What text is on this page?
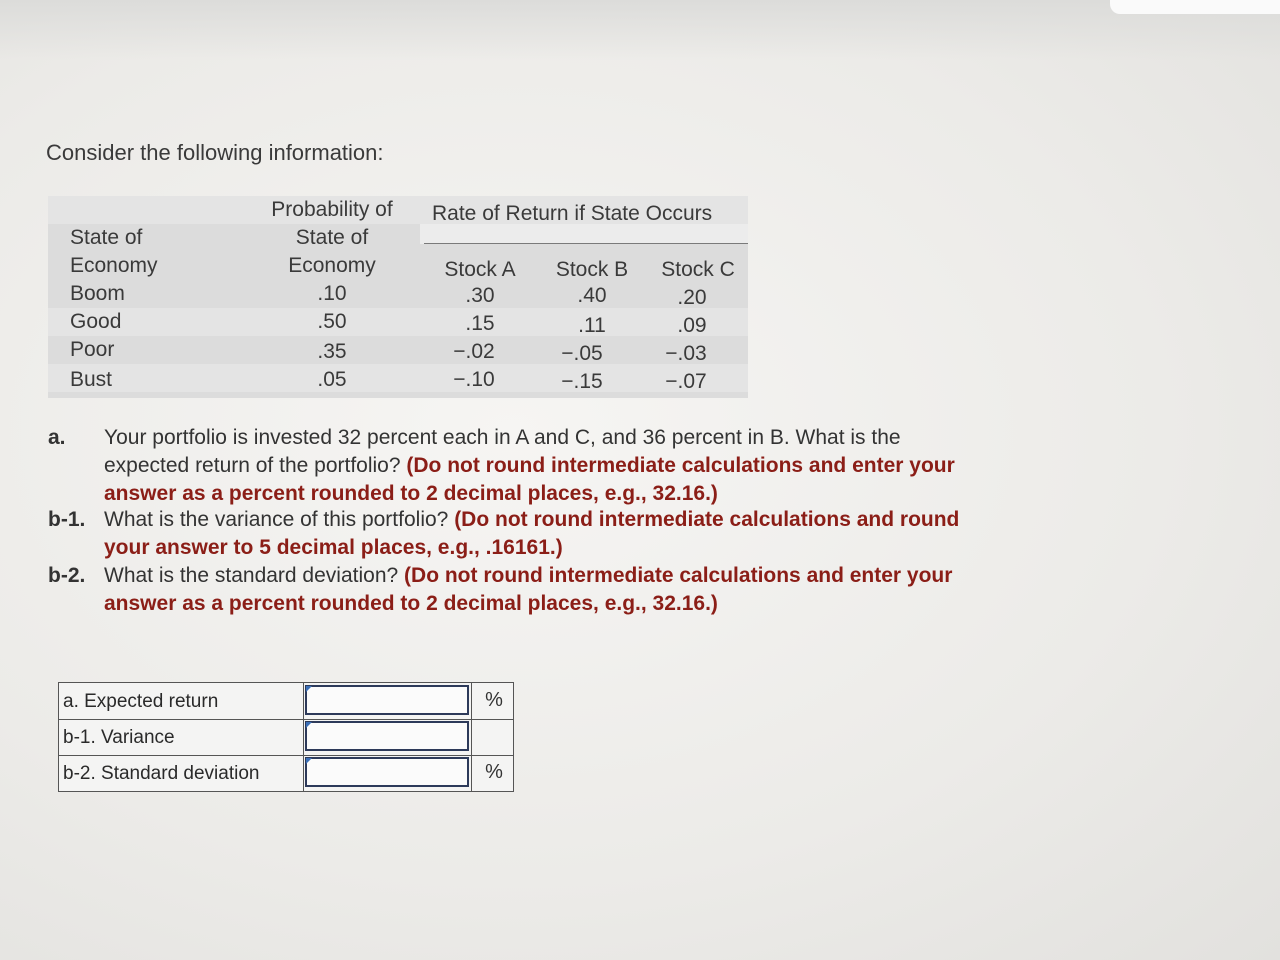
Consider the following information:

State of
Economy
Probability of
State of
Economy
Rate of Return if State Occurs
Stock A	Stock B	Stock C
Boom	.10	.30	.40	.20
Good	.50	.15	.11	.09
Poor	.35	−.02	−.05	−.03
Bust	.05	−.10	−.15	−.07
a.	Your portfolio is invested 32 percent each in A and C, and 36 percent in B. What is the expected return of the portfolio? (Do not round intermediate calculations and enter your answer as a percent rounded to 2 decimal places, e.g., 32.16.)
b-1. What is the variance of this portfolio? (Do not round intermediate calculations and round your answer to 5 decimal places, e.g., .16161.)
b-2. What is the standard deviation? (Do not round intermediate calculations and enter your answer as a percent rounded to 2 decimal places, e.g., 32.16.)
a. Expected return	%
b-1. Variance
b-2. Standard deviation	%
